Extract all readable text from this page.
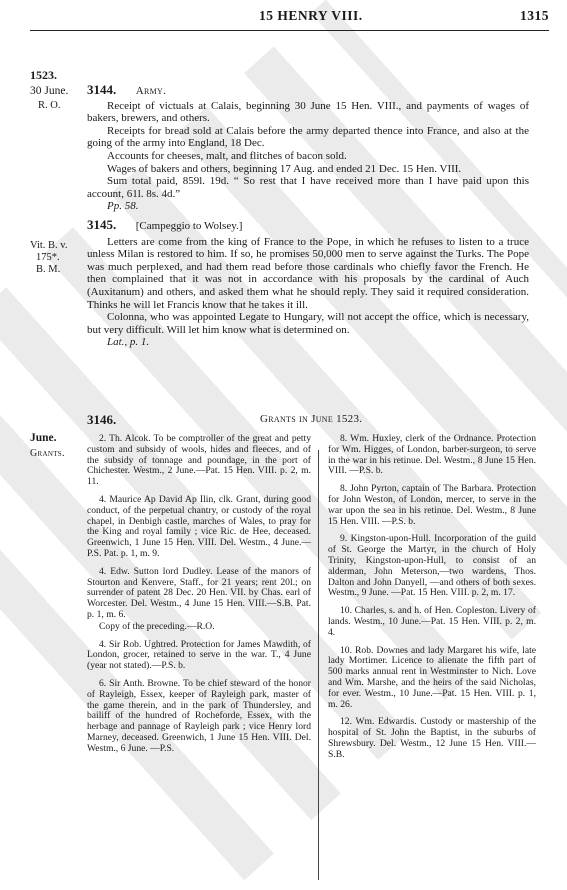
15 HENRY VIII.	1315
1523.
30 June.
R. O.

3144. Army.

Receipt of victuals at Calais, beginning 30 June 15 Hen. VIII., and payments of wages of bakers, brewers, and others.

Receipts for bread sold at Calais before the army departed thence into France, and also at the going of the army into England, 18 Dec.

Accounts for cheeses, malt, and flitches of bacon sold.

Wages of bakers and others, beginning 17 Aug. and ended 21 Dec. 15 Hen. VIII.

Sum total paid, 859l. 19d. “ So rest that I have received more than I have paid upon this account, 61l. 8s. 4d.”

Pp. 58.

Vit. B. v.
175*.
B. M.

3145. [Campeggio to Wolsey.]

Letters are come from the king of France to the Pope, in which he refuses to listen to a truce unless Milan is restored to him. If so, he promises 50,000 men to serve against the Turks. The Pope was much perplexed, and had them read before those cardinals who chiefly favor the French. He then complained that it was not in accordance with his proposals by the cardinal of Auch (Auxitanum) and others, and asked them what he should reply. They said it required consideration. Thinks he will let Francis know that he takes it ill.

Colonna, who was appointed Legate to Hungary, will not accept the office, which is necessary, but very difficult. Will let him know what is determined on.

Lat., p. 1.

June.
Grants.
3146.	Grants in June 1523.

2. Th. Alcok. To be comptroller of the great and petty custom and subsidy of wools, hides and fleeces, and of the subsidy of tonnage and poundage, in the port of Chichester. Westm., 2 June.—Pat. 15 Hen. VIII. p. 2, m. 11.

4. Maurice Ap David Ap Ilin, clk. Grant, during good conduct, of the perpetual chantry, or custody of the royal chapel, in Denbigh castle, marches of Wales, to pray for the King and royal family ; vice Ric. de Hee, deceased. Greenwich, 1 June 15 Hen. VIII. Del. Westm., 4 June.—P.S. Pat. p. 1, m. 9.

4. Edw. Sutton lord Dudley. Lease of the manors of Stourton and Kenvere, Staff., for 21 years; rent 20l.; on surrender of patent 28 Dec. 20 Hen. VII. by Chas. earl of Worcester. Del. Westm., 4 June 15 Hen. VIII.—S.B. Pat. p. 1, m. 6.

Copy of the preceding.—R.O.

4. Sir Rob. Ughtred. Protection for James Mawdith, of London, grocer, retained to serve in the war. T., 4 June (year not stated).—P.S. b.

6. Sir Anth. Browne. To be chief steward of the honor of Rayleigh, Essex, keeper of Rayleigh park, master of the game therein, and in the park of Thundersley, and bailiff of the hundred of Rocheforde, Essex, with the herbage and pannage of Rayleigh park ; vice Henry lord Marney, deceased. Greenwich, 1 June 15 Hen. VIII. Del. Westm., 6 June. —P.S.

8. Wm. Huxley, clerk of the Ordnance. Protection for Wm. Higges, of London, barber-surgeon, to serve in the war in his retinue. Del. Westm., 8 June 15 Hen. VIII. —P.S. b.

8. John Pyrton, captain of The Barbara. Protection for John Weston, of London, mercer, to serve in the war upon the sea in his retinue. Del. Westm., 8 June 15 Hen. VIII. —P.S. b.

9. Kingston-upon-Hull. Incorporation of the guild of St. George the Martyr, in the church of Holy Trinity, Kingston-upon-Hull, to consist of an alderman, John Meterson,—two wardens, Thos. Dalton and John Danyell, —and others of both sexes. Westm., 9 June. —Pat. 15 Hen. VIII. p. 2, m. 17.

10. Charles, s. and h. of Hen. Copleston. Livery of lands. Westm., 10 June.—Pat. 15 Hen. VIII. p. 2, m. 4.

10. Rob. Downes and lady Margaret his wife, late lady Mortimer. Licence to alienate the fifth part of 500 marks annual rent in Westminster to Nich. Love and Wm. Marshe, and the heirs of the said Nicholas, for ever. Westm., 10 June.—Pat. 15 Hen. VIII. p. 1, m. 26.

12. Wm. Edwardis. Custody or mastership of the hospital of St. John the Baptist, in the suburbs of Shrewsbury. Del. Westm., 12 June 15 Hen. VIII.—S.B.
